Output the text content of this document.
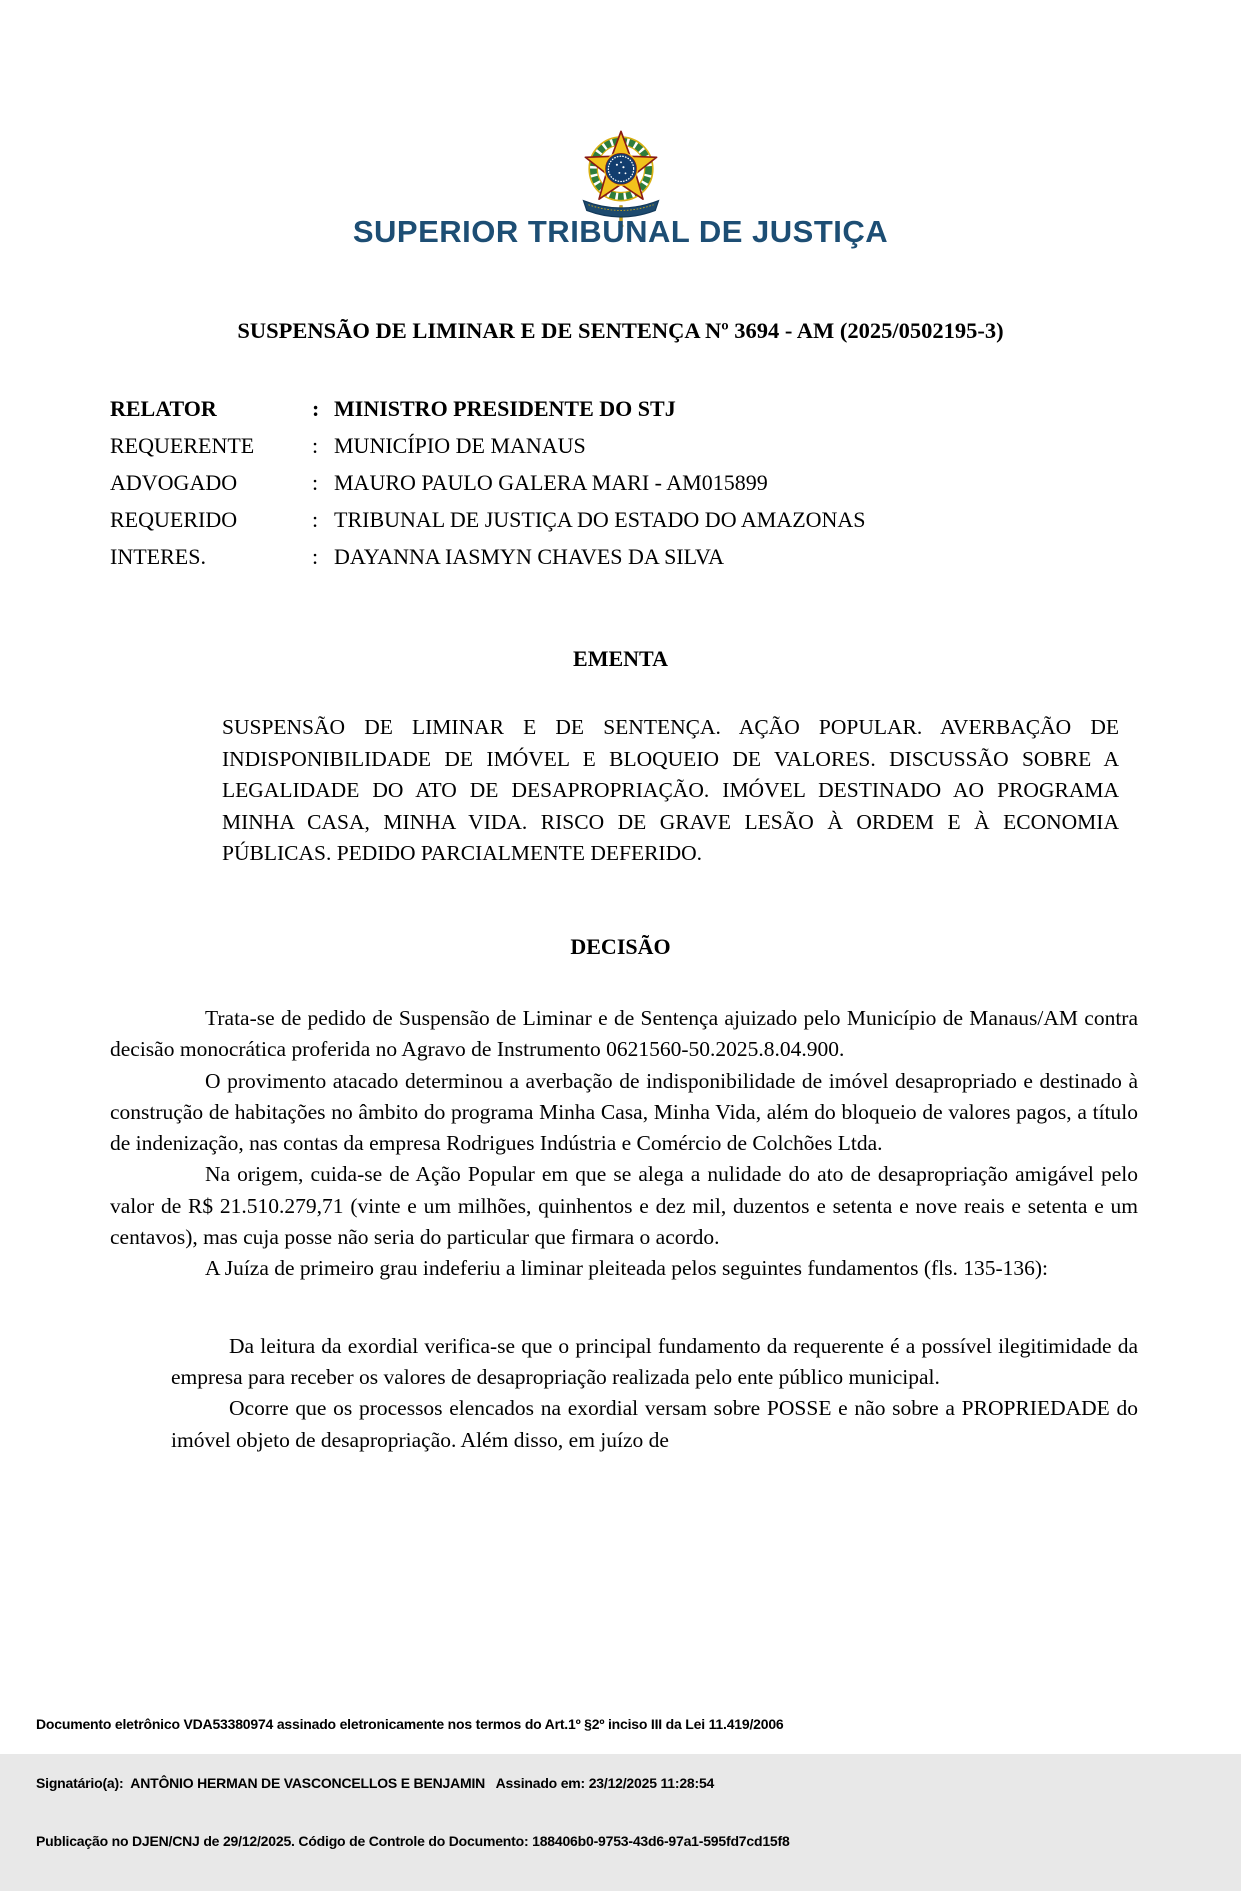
SUPERIOR TRIBUNAL DE JUSTIÇA
SUSPENSÃO DE LIMINAR E DE SENTENÇA Nº 3694 - AM (2025/0502195-3)
RELATOR	: MINISTRO PRESIDENTE DO STJ
REQUERENTE	: MUNICÍPIO DE MANAUS
ADVOGADO	: MAURO PAULO GALERA MARI - AM015899
REQUERIDO	: TRIBUNAL DE JUSTIÇA DO ESTADO DO AMAZONAS
INTERES.	: DAYANNA IASMYN CHAVES DA SILVA
EMENTA
SUSPENSÃO DE LIMINAR E DE SENTENÇA. AÇÃO POPULAR. AVERBAÇÃO DE INDISPONIBILIDADE DE IMÓVEL E BLOQUEIO DE VALORES. DISCUSSÃO SOBRE A LEGALIDADE DO ATO DE DESAPROPRIAÇÃO. IMÓVEL DESTINADO AO PROGRAMA MINHA CASA, MINHA VIDA. RISCO DE GRAVE LESÃO À ORDEM E À ECONOMIA PÚBLICAS. PEDIDO PARCIALMENTE DEFERIDO.
DECISÃO

Trata-se de pedido de Suspensão de Liminar e de Sentença ajuizado pelo Município de Manaus/AM contra decisão monocrática proferida no Agravo de Instrumento 0621560-50.2025.8.04.900.

O provimento atacado determinou a averbação de indisponibilidade de imóvel desapropriado e destinado à construção de habitações no âmbito do programa Minha Casa, Minha Vida, além do bloqueio de valores pagos, a título de indenização, nas contas da empresa Rodrigues Indústria e Comércio de Colchões Ltda.

Na origem, cuida-se de Ação Popular em que se alega a nulidade do ato de desapropriação amigável pelo valor de R$ 21.510.279,71 (vinte e um milhões, quinhentos e dez mil, duzentos e setenta e nove reais e setenta e um centavos), mas cuja posse não seria do particular que firmara o acordo.

A Juíza de primeiro grau indeferiu a liminar pleiteada pelos seguintes fundamentos (fls. 135-136):

Da leitura da exordial verifica-se que o principal fundamento da requerente é a possível ilegitimidade da empresa para receber os valores de desapropriação realizada pelo ente público municipal.

Ocorre que os processos elencados na exordial versam sobre POSSE e não sobre a PROPRIEDADE do imóvel objeto de desapropriação. Além disso, em juízo de

Documento eletrônico VDA53380974 assinado eletronicamente nos termos do Art.1º §2º inciso III da Lei 11.419/2006

Signatário(a):  ANTÔNIO HERMAN DE VASCONCELLOS E BENJAMIN   Assinado em: 23/12/2025 11:28:54

Publicação no DJEN/CNJ de 29/12/2025. Código de Controle do Documento: 188406b0-9753-43d6-97a1-595fd7cd15f8
